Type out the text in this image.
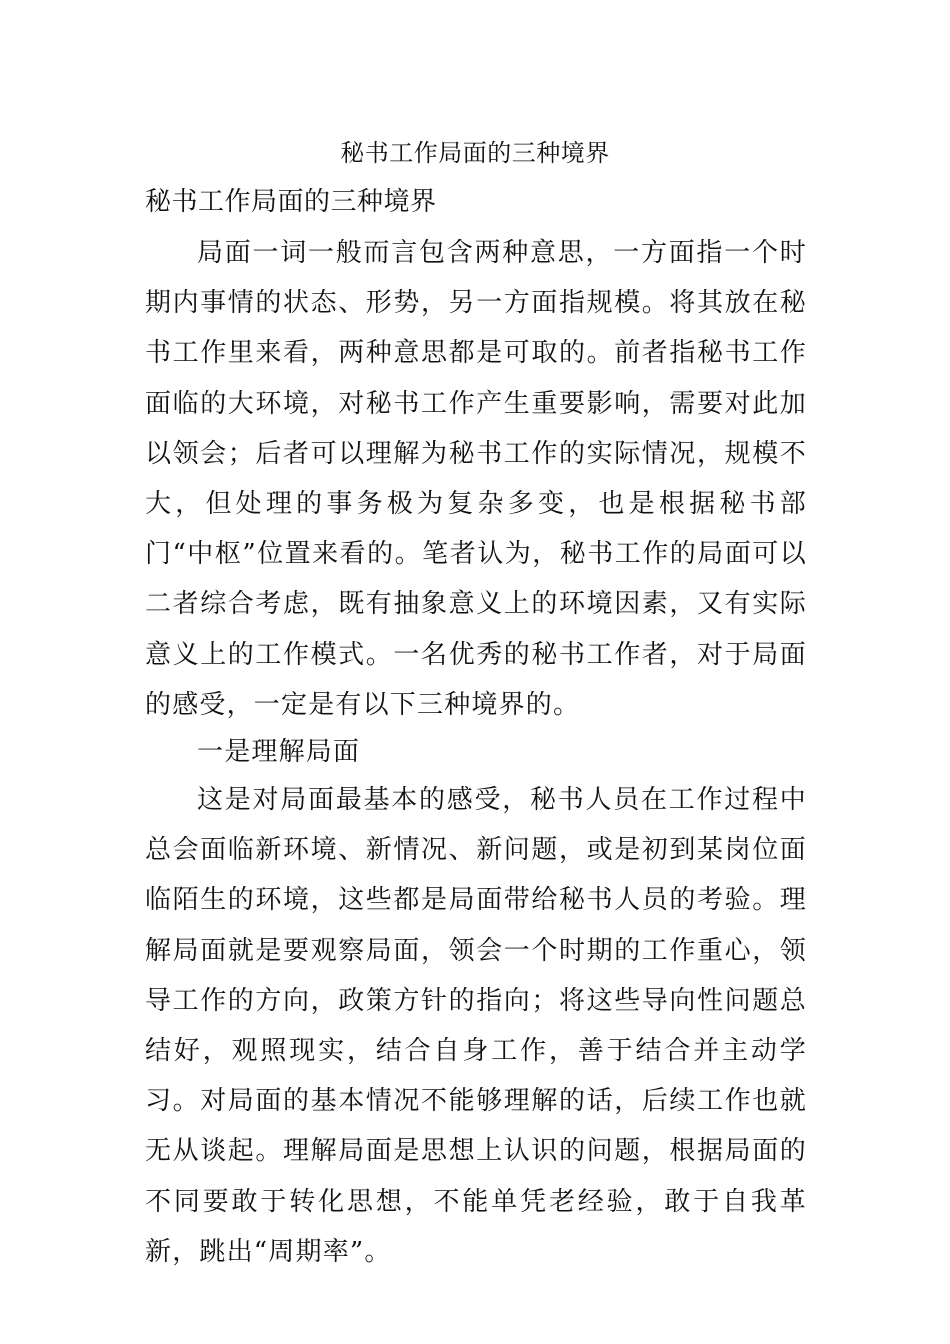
秘书工作局面的三种境界
秘书工作局面的三种境界

局面一词一般而言包含两种意思，一方面指一个时期内事情的状态、形势，另一方面指规模。将其放在秘书工作里来看，两种意思都是可取的。前者指秘书工作面临的大环境，对秘书工作产生重要影响，需要对此加以领会；后者可以理解为秘书工作的实际情况，规模不大，但处理的事务极为复杂多变，也是根据秘书部门“中枢”位置来看的。笔者认为，秘书工作的局面可以二者综合考虑，既有抽象意义上的环境因素，又有实际意义上的工作模式。一名优秀的秘书工作者，对于局面的感受，一定是有以下三种境界的。

一是理解局面

这是对局面最基本的感受，秘书人员在工作过程中总会面临新环境、新情况、新问题，或是初到某岗位面临陌生的环境，这些都是局面带给秘书人员的考验。理解局面就是要观察局面，领会一个时期的工作重心，领导工作的方向，政策方针的指向；将这些导向性问题总结好，观照现实，结合自身工作，善于结合并主动学习。对局面的基本情况不能够理解的话，后续工作也就无从谈起。理解局面是思想上认识的问题，根据局面的不同要敢于转化思想，不能单凭老经验，敢于自我革新，跳出“周期率”。
